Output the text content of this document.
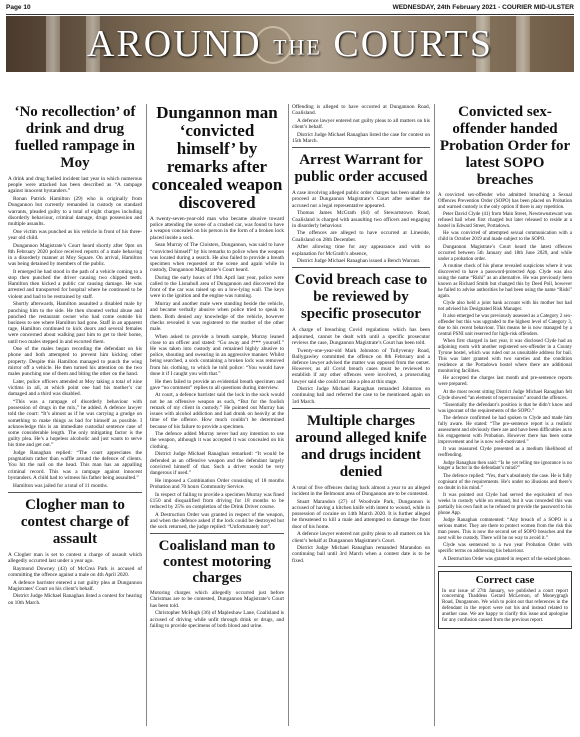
Page 10	WEDNESDAY, 24th February 2021 - COURIER MID-ULSTER
AROUND THE COURTS
‘No recollection’ of drink and drug fuelled rampage in Moy

A drink and drug fuelled incident last year in which numerous people were attacked has been described as “A rampage against innocent bystanders.”

Ronan Patrick Hamilton (29) who is originally from Dungannon but currently remanded in custody on standard warrants, pleaded guilty to a total of eight charges including disorderly behaviour, criminal damage, drugs possession and multiple assaults.

One victim was punched as his vehicle in front of his three-year old child.

Dungannon Magistrate’s Court heard shortly after 9pm on 8th February 2020 police received reports of a male behaving in a disorderly manner at Moy Square. On arrival, Hamilton was being detained by members of the public.

It emerged he had stood in the path of a vehicle coming to a stop then punched the driver causing two chipped teeth. Hamilton then kicked a public car causing damage. He was arrested and transported for hospital where he continued to be violent and had to be restrained by staff.

Shortly afterwards, Hamilton assaulted a disabled male by punching him to the side. He then shouted verbal abuse and punched the restaurant owner who had come outside his business to see where Hamilton had gone. Staff in an apparent rage, Hamilton continued to kick doors and several females were concerned about walking past him to get to their home, until two males stepped in and escorted them.

One of the males began recording the defendant on his phone and both attempted to prevent him kicking other property. Despite this Hamilton managed to punch the wing mirror off a vehicle. He then turned his attention on the two males punching one of them and biting the other on the hand.

Later, police officers attended at Moy taking a total of nine victims in all, at which point one had his mother’s car damaged and a third was disabled.

“This was a rampage of disorderly behaviour with possession of drugs in the mix,” he added. A defence lawyer told the court: “It’s almost as if he was carrying a grudge on something to make things as bad for himself as possible. I acknowledge this is an immediate custodial sentence case of some considerable length. The only mitigating factor is the guilty plea. He’s a hopeless alcoholic and just wants to serve his time and get out.”

Judge Ranaghan replied: “The court appreciates the pragmatism rather than waffle around the defence of clients. You hit the nail on the head. This man has an appalling criminal record. This was a rampage against innocent bystanders. A child had to witness his father being assaulted.”

Hamilton was jailed for a total of 11 months.

Clogher man to contest charge of assault

A Clogher man is set to contest a charge of assault which allegedly occurred last under a year ago.

Raymond Downey (43) of McCrea Park is accused of committing the offence against a male on 4th April 2020.

A defence barrister entered a not guilty plea at Dungannon Magistrates’ Court on his client’s behalf.

District Judge Michael Ranaghan listed a contest for hearing on 10th March.

Dungannon man ‘convicted himself’ by remarks after concealed weapon discovered

A twenty-seven-year-old man who became abusive toward police attending the scene of a crashed car, was found to have a weapon concealed on his person in the form of a broken lock placed inside a sock.

Sean Murray of The Cloisters, Dungannon, was said to have “convicted himself” by his remarks to police when the weapon was located during a search. He also failed to provide a breath specimen when requested at the scene and again while in custody, Dungannon Magistrate’s Court heard.

During the early hours of 19th April last year, police were called to the Lisnahull area of Dungannon and discovered the front of the car was raised up on a low-lying wall. The keys were in the ignition and the engine was running.

Murray and another male were standing beside the vehicle, and became verbally abusive when police tried to speak to them. Both denied any knowledge of the vehicle, however checks revealed it was registered to the mother of the other male.

When asked to provide a breath sample, Murray leaned close to an officer and stated: “Go away and f*** yourself.” He was taken into custody and remained highly abusive to police, shouting and swearing in an aggressive manner. Whilst being searched, a sock containing a broken lock was removed from his clothing, to which he told police: “You would have done it if I caught you with that.”

He then failed to provide an evidential breath specimen and gave “no comment” replies to all questions during interview.

At court, a defence barrister said the lock in the sock would not be an offensive weapon as such, “But for the foolish remark of my client in custody.” He pointed out Murray has issues with alcohol addiction and had drunk on heavily at the time of the offence. How much couldn’t be determined because of his failure to provide a specimen.

The defence added Murray never had any intention to use the weapon, although it was accepted it was concealed on his clothing.

District Judge Michael Ranaghan remarked: “It would be defended as an offensive weapon and the defendant largely convicted himself of that. Such a driver would be very dangerous if used.”

He imposed a Combination Order consisting of 18 months Probation and 70 hours Community Service.

In respect of failing to provide a specimen Murray was fined £150 and disqualified from driving for 18 months to be reduced by 25% on completion of the Drink Driver course.

A Destruction Order was granted in respect of the weapon, and when the defence asked if the lock could be destroyed but the sock returned, the judge replied: “Unfortunately not”.

Coalisland man to contest motoring charges

Motoring charges which allegedly occurred just before Christmas are to be contested, Dungannon Magistrate’s Court has been told.

Christopher McHugh (36) of Mapleshaw Lane, Coalisland is accused of driving while unfit through drink or drugs, and failing to provide specimens of both blood and urine.

Offending is alleged to have occurred at Dungannon Road, Coalisland.

A defence lawyer entered not guilty pleas to all matters on his client’s behalf.

District Judge Michael Ranaghan listed the case for contest on 15th March.

Arrest Warrant for public order accused

A case involving alleged public order charges has been unable to proceed at Dungannon Magistrate’s Court after neither the accused nor a legal representative appeared.

Thomas James McGrath (64) of Stewartstown Road, Coalisland is charged with assaulting two officers and engaging in disorderly behaviour.

The offences are alleged to have occurred at Lineside, Coalisland on 28th December.

After allowing time for any appearance and with no explanation for McGrath’s absence,

District Judge Michael Ranaghan issued a Bench Warrant.

Covid breach case to be reviewed by specific prosecutor

A charge of breaching Covid regulations which has been adjourned, cannot be dealt with until a specific prosecutor reviews the case, Dungannon Magistrate’s Court has been told.

Twenty-one-year-old Mark Johnston of Tullyvenny Road, Ballygawley committed the offence on 8th February and a defence lawyer advised the matter was opposed from the outset. However, as all Covid breach cases must be reviewed to establish if any other offences were involved, a prosecuting lawyer said she could not take a plea at this stage.

District Judge Michael Ranaghan remanded Johnston on continuing bail and referred the case to be mentioned again on 3rd March.

Multiple charges around alleged knife and drugs incident denied

A total of five offences during back almost a year to an alleged incident in the Belmount area of Dungannon are to be contested.

Stuart Marandon (27) of Woodvale Park, Dungannon is accused of having a kitchen knife with intent to wound, while in possession of cocaine on 14th March 2020. It is further alleged he threatened to kill a male and attempted to damage the front door of his home.

A defence lawyer entered not guilty pleas to all matters on his client’s behalf at Dungannon Magistrate’s Court.

District Judge Michael Ranaghan remanded Marandon on continuing bail until 3rd March when a contest date is to be fixed.

Convicted sex-offender handed Probation Order for latest SOPO breaches

A convicted sex-offender who admitted breaching a Sexual Offences Prevention Order (SOPO) has been placed on Probation and warned custody is the only option if there is any repetition.

Peter David Clyde (41) from Main Street, Newtownstewart was refused bail when first charged but later released to reside at a hostel in Edward Street, Portadown.

He was convicted of attempted sexual communication with a child in October 2019 and made subject to the SOPO.

Dungannon Magistrate’s Court heard the latest offences occurred between 5th January and 18th June 2020, and while under a probation order.

A routine check of his phone revealed suspicions where it was discovered to have a password-protected App. Clyde was also using the name “Rishi” as an alternative. He was previously been known as Richard Smith but changed this by Deed Poll, however he failed to advise authorities he had been using the name “Rishi” again.

Clyde also held a joint bank account with his mother but had not advised his Designated Risk Manager.

It also emerged he was previously assessed as a Category 2 sex-offender but this was upgraded to the highest level of Category 3, due to his recent behaviour. This means he is now managed by a central PSNI unit reserved for high-risk offenders.

When first charged in last year, it was disclosed Clyde had an adjoining room with another registered sex-offender in a County Tyrone hostel, which was ruled out as unsuitable address for bail. This was later granted with two sureties and the condition residence at the Portadown hostel where there are additional monitoring facilities.

He accepted the charges last month and pre-sentence reports were prepared.

At the most recent sitting District Judge Michael Ranaghan felt Clyde showed “an element of repercussion” around the offences.

“Essentially the defendant’s position is that he didn’t know and was ignorant of the requirements of the SOPO.”

The defence confirmed he had spoken to Clyde and made him fully aware. He stated: “The pre-sentence report is a realistic assessment and obviously there are and have been difficulties as to his engagement with Probation. However there has been some improvement and he is now well-motivated.”

It was reassured Clyde presented as a medium likelihood of reoffending.

Judge Ranaghan then said: “Is he yet telling me ignorance is no longer a factor in the defendant’s mind?”

The defence replied: “Yes, that’s absolutely the case. He is fully cognisant of the requirements. He’s under no illusions and there’s no doubt in his mind.”

It was pointed out Clyde had served the equivalent of two weeks in custody while on remand, but it was conceded this was partially his own fault as he refused to provide the password to his phone App.

Judge Ranaghan commented: “Any breach of a SOPO is a serious matter. They are there to protect women from the risk this man poses. This is now the second set of SOPO breaches and the next will be custody. There will be no way to avoid it.”

Clyde was sentenced to a two year Probation Order with specific terms on addressing his behaviour.

A Destruction Order was granted in respect of the seized phone.

Correct case

In our issue of 27th January, we published a court report concerning Thaddeus Gerard McLernon, of Moneygragh Road, Dungannon. We wish to point out that references in the defendant in the report were not his and instead related to another case. We are happy to clarify this issue and apologise for any confusion caused from the previous report.
